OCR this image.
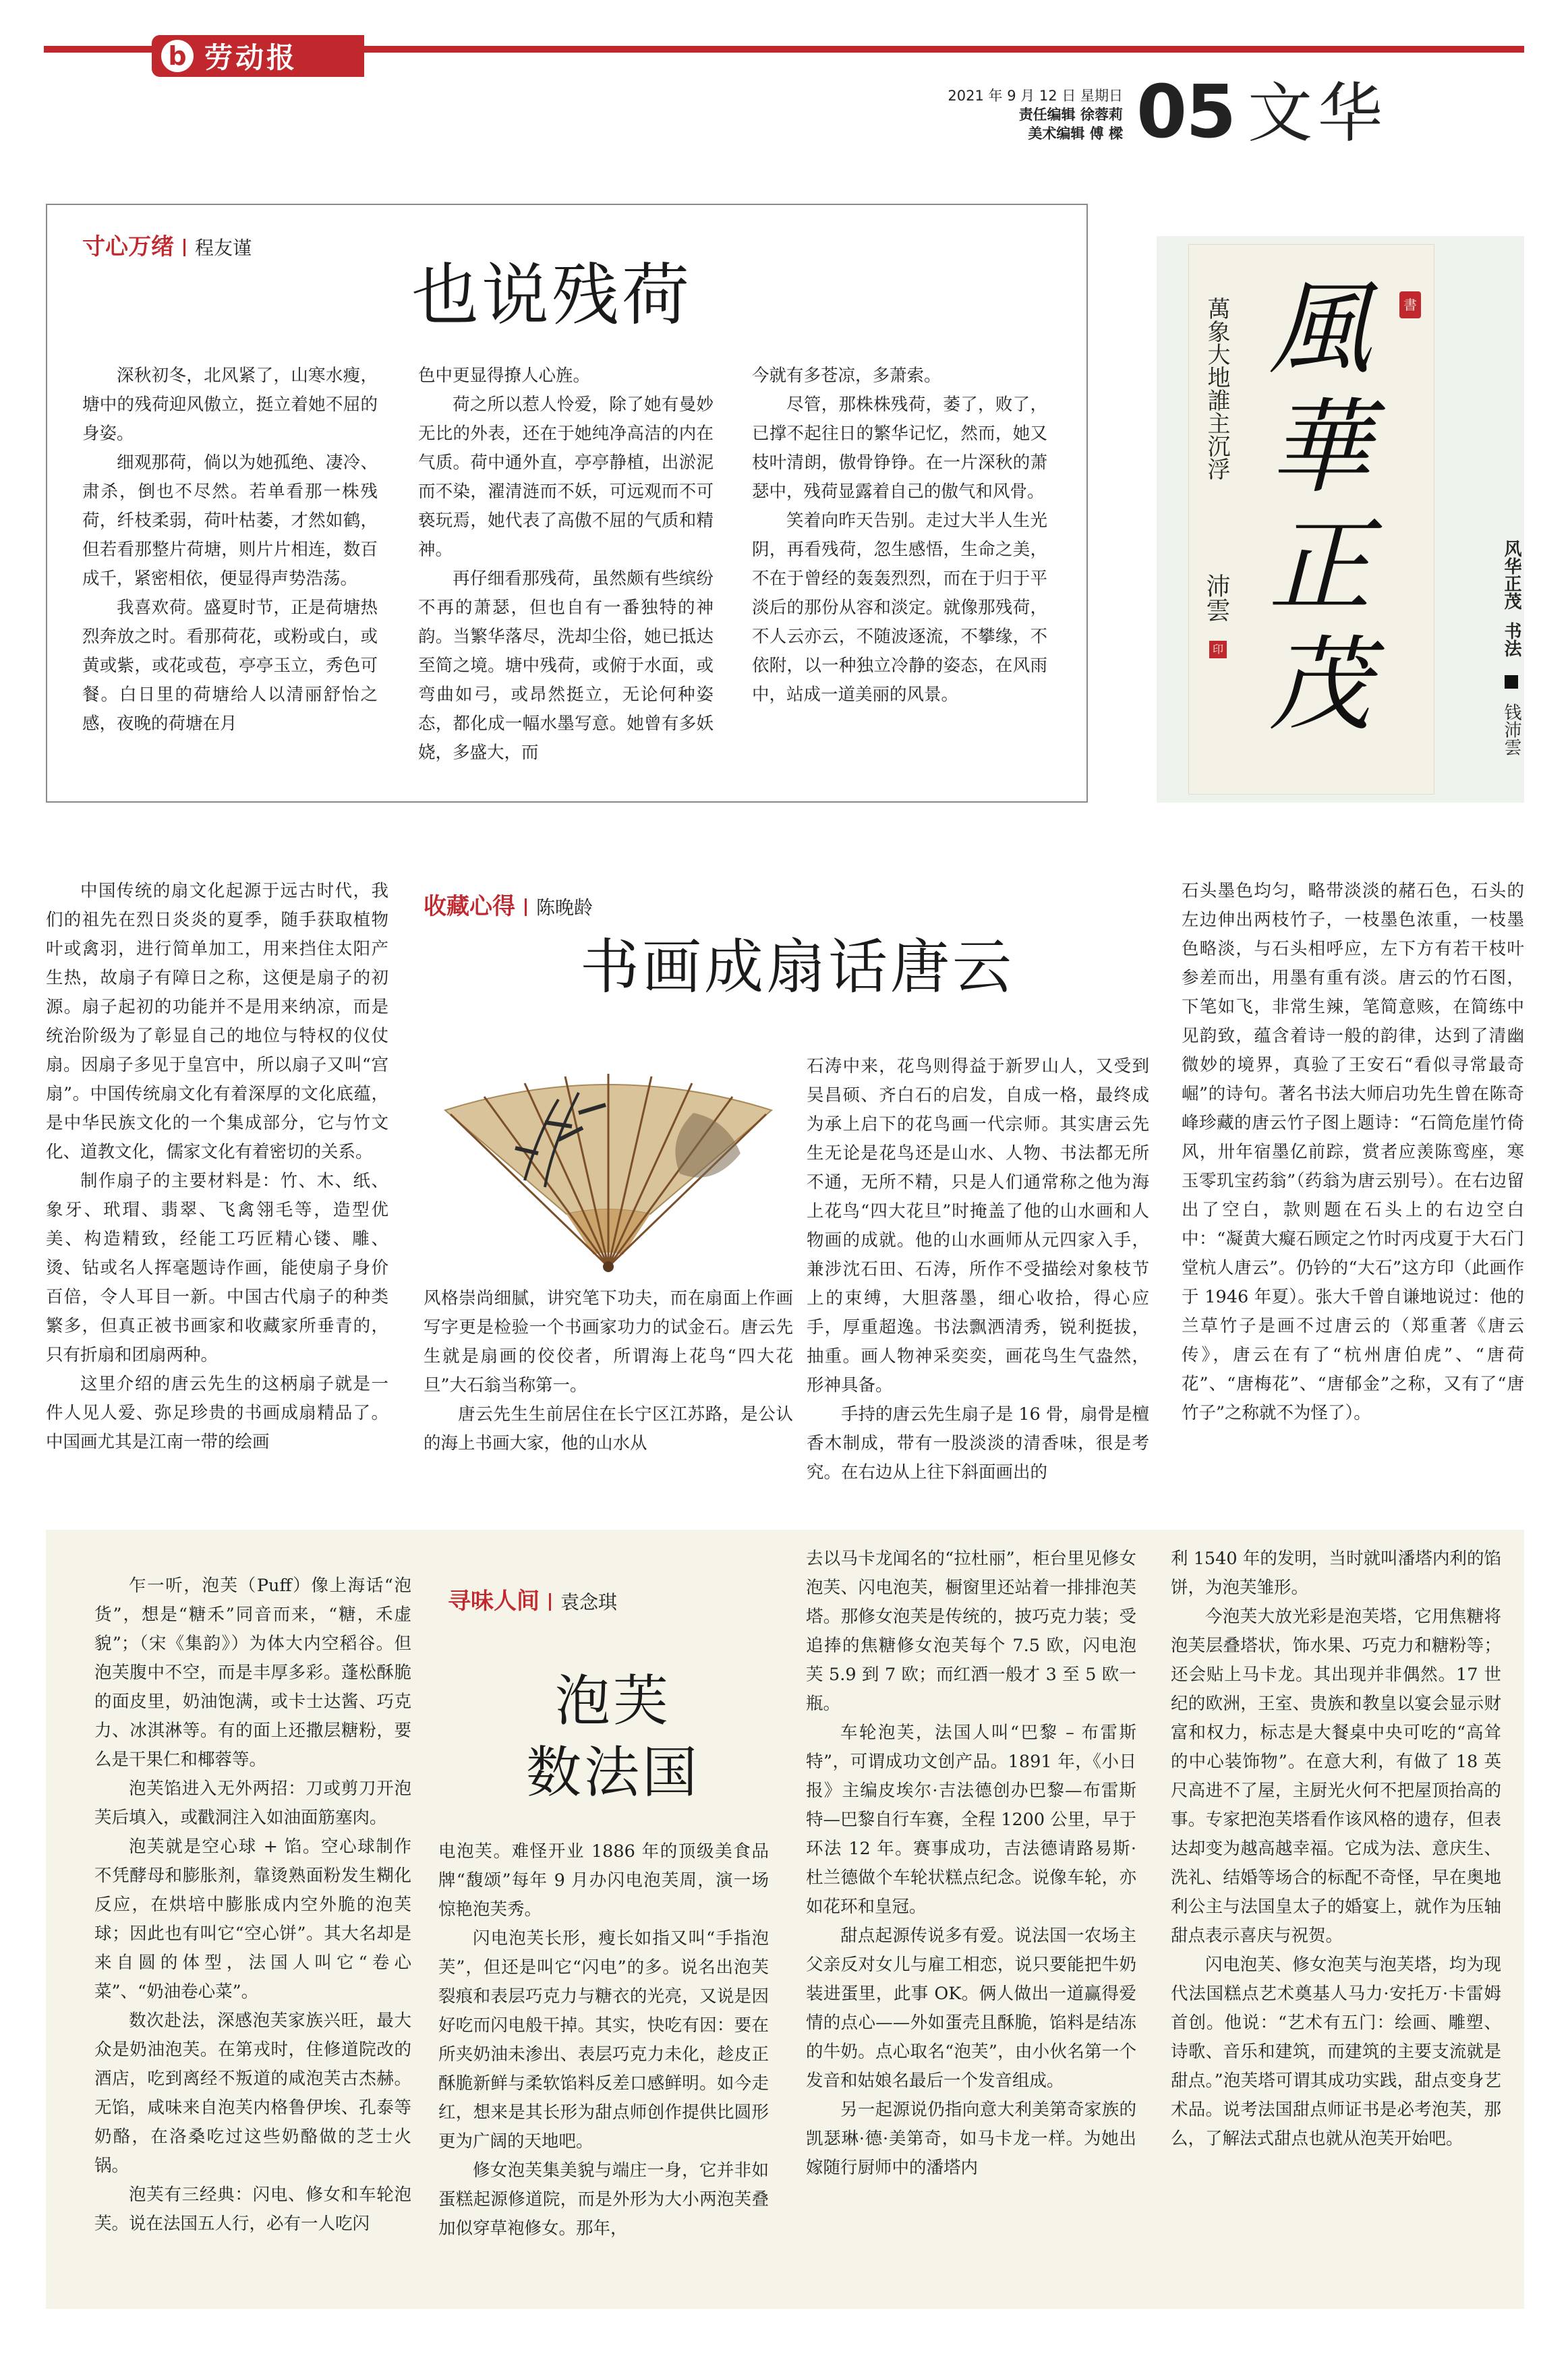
b 劳动报
2021 年 9 月 12 日 星期日
责任编辑 徐蓉莉
美术编辑 傅 樑 05 文华
寸心万绪 程友谨
也说残荷

深秋初冬，北风紧了，山寒水瘦，塘中的残荷迎风傲立，挺立着她不屈的身姿。

细观那荷，倘以为她孤绝、凄冷、肃杀，倒也不尽然。若单看那一株残荷，纤枝柔弱，荷叶枯萎，才然如鹤，但若看那整片荷塘，则片片相连，数百成千，紧密相依，便显得声势浩荡。

我喜欢荷。盛夏时节，正是荷塘热烈奔放之时。看那荷花，或粉或白，或黄或紫，或花或苞，亭亭玉立，秀色可餐。白日里的荷塘给人以清丽舒怡之感，夜晚的荷塘在月

色中更显得撩人心旌。

荷之所以惹人怜爱，除了她有曼妙无比的外表，还在于她纯净高洁的内在气质。荷中通外直，亭亭静植，出淤泥而不染，濯清涟而不妖，可远观而不可亵玩焉，她代表了高傲不屈的气质和精神。

再仔细看那残荷，虽然颇有些缤纷不再的萧瑟，但也自有一番独特的神韵。当繁华落尽，洗却尘俗，她已抵达至简之境。塘中残荷，或俯于水面，或弯曲如弓，或昂然挺立，无论何种姿态，都化成一幅水墨写意。她曾有多妖娆，多盛大，而

今就有多苍凉，多萧索。

尽管，那株株残荷，萎了，败了，已撑不起往日的繁华记忆，然而，她又枝叶清朗，傲骨铮铮。在一片深秋的萧瑟中，残荷显露着自己的傲气和风骨。

笑着向昨天告别。走过大半人生光阴，再看残荷，忽生感悟，生命之美，不在于曾经的轰轰烈烈，而在于归于平淡后的那份从容和淡定。就像那残荷，不人云亦云，不随波逐流，不攀缘，不依附，以一种独立冷静的姿态，在风雨中，站成一道美丽的风景。

風
華
正
茂
萬象大地誰主沉浮
沛雲
書
印
风华正茂 书法  钱沛雲
收藏心得 陈晚龄
书画成扇话唐云

中国传统的扇文化起源于远古时代，我们的祖先在烈日炎炎的夏季，随手获取植物叶或禽羽，进行简单加工，用来挡住太阳产生热，故扇子有障日之称，这便是扇子的初源。扇子起初的功能并不是用来纳凉，而是统治阶级为了彰显自己的地位与特权的仪仗扇。因扇子多见于皇宫中，所以扇子又叫“宫扇”。中国传统扇文化有着深厚的文化底蕴，是中华民族文化的一个集成部分，它与竹文化、道教文化，儒家文化有着密切的关系。

制作扇子的主要材料是：竹、木、纸、象牙、玳瑁、翡翠、飞禽翎毛等，造型优美、构造精致，经能工巧匠精心镂、雕、烫、钻或名人挥毫题诗作画，能使扇子身价百倍，令人耳目一新。中国古代扇子的种类繁多，但真正被书画家和收藏家所垂青的，只有折扇和团扇两种。

这里介绍的唐云先生的这柄扇子就是一件人见人爱、弥足珍贵的书画成扇精品了。中国画尤其是江南一带的绘画

风格崇尚细腻，讲究笔下功夫，而在扇面上作画写字更是检验一个书画家功力的试金石。唐云先生就是扇画的佼佼者，所谓海上花鸟“四大花旦”大石翁当称第一。

唐云先生生前居住在长宁区江苏路，是公认的海上书画大家，他的山水从

石涛中来，花鸟则得益于新罗山人，又受到吴昌硕、齐白石的启发，自成一格，最终成为承上启下的花鸟画一代宗师。其实唐云先生无论是花鸟还是山水、人物、书法都无所不通，无所不精，只是人们通常称之他为海上花鸟“四大花旦”时掩盖了他的山水画和人物画的成就。他的山水画师从元四家入手，兼涉沈石田、石涛，所作不受描绘对象枝节上的束缚，大胆落墨，细心收拾，得心应手，厚重超逸。书法飘洒清秀，锐利挺拔，抽重。画人物神采奕奕，画花鸟生气盎然，形神具备。

手持的唐云先生扇子是 16 骨，扇骨是檀香木制成，带有一股淡淡的清香味，很是考究。在右边从上往下斜面画出的

石头墨色均匀，略带淡淡的赭石色，石头的左边伸出两枝竹子，一枝墨色浓重，一枝墨色略淡，与石头相呼应，左下方有若干枝叶参差而出，用墨有重有淡。唐云的竹石图，下笔如飞，非常生辣，笔简意赅，在简练中见韵致，蕴含着诗一般的韵律，达到了清幽微妙的境界，真验了王安石“看似寻常最奇崛”的诗句。著名书法大师启功先生曾在陈奇峰珍藏的唐云竹子图上题诗：“石筒危崖竹倚风，卅年宿墨亿前踪，赏者应羡陈鸾座，寒玉零玑宝药翁”（药翁为唐云别号）。在右边留出了空白，款则题在石头上的右边空白中：“凝黄大癡石顾定之竹时丙戌夏于大石门堂杭人唐云”。仍钤的“大石”这方印（此画作于 1946 年夏）。张大千曾自谦地说过：他的兰草竹子是画不过唐云的（郑重著《唐云传》，唐云在有了“杭州唐伯虎”、“唐荷花”、“唐梅花”、“唐郁金”之称，又有了“唐竹子”之称就不为怪了）。

寻味人间 袁念琪
泡芙
数法国

乍一听，泡芙（Puff）像上海话“泡货”，想是“糖禾”同音而来，“糖，禾虚貌”；（宋《集韵》）为体大内空稻谷。但泡芙腹中不空，而是丰厚多彩。蓬松酥脆的面皮里，奶油饱满，或卡士达酱、巧克力、冰淇淋等。有的面上还撒层糖粉，要么是干果仁和椰蓉等。

泡芙馅进入无外两招：刀或剪刀开泡芙后填入，或戳洞注入如油面筋塞肉。

泡芙就是空心球 + 馅。空心球制作不凭酵母和膨胀剂，靠烫熟面粉发生糊化反应，在烘培中膨胀成内空外脆的泡芙球；因此也有叫它“空心饼”。其大名却是来自圆的体型，法国人叫它“卷心菜”、“奶油卷心菜”。

数次赴法，深感泡芙家族兴旺，最大众是奶油泡芙。在第戎时，住修道院改的酒店，吃到离经不叛道的咸泡芙古杰赫。无馅，咸味来自泡芙内格鲁伊埃、孔泰等奶酪，在洛桑吃过这些奶酪做的芝士火锅。

泡芙有三经典：闪电、修女和车轮泡芙。说在法国五人行，必有一人吃闪

电泡芙。难怪开业 1886 年的顶级美食品牌“馥颂”每年 9 月办闪电泡芙周，演一场惊艳泡芙秀。

闪电泡芙长形，瘦长如指又叫“手指泡芙”，但还是叫它“闪电”的多。说名出泡芙裂痕和表层巧克力与糖衣的光亮，又说是因好吃而闪电般干掉。其实，快吃有因：要在所夹奶油未渗出、表层巧克力未化，趁皮正酥脆新鲜与柔软馅料反差口感鲜明。如今走红，想来是其长形为甜点师创作提供比圆形更为广阔的天地吧。

修女泡芙集美貌与端庄一身，它并非如蛋糕起源修道院，而是外形为大小两泡芙叠加似穿草袍修女。那年，

去以马卡龙闻名的“拉杜丽”，柜台里见修女泡芙、闪电泡芙，橱窗里还站着一排排泡芙塔。那修女泡芙是传统的，披巧克力装；受追捧的焦糖修女泡芙每个 7.5 欧，闪电泡芙 5.9 到 7 欧；而红酒一般才 3 至 5 欧一瓶。

车轮泡芙，法国人叫“巴黎 – 布雷斯特”，可谓成功文创产品。1891 年，《小日报》主编皮埃尔·吉法德创办巴黎—布雷斯特—巴黎自行车赛，全程 1200 公里，早于环法 12 年。赛事成功，吉法德请路易斯·杜兰德做个车轮状糕点纪念。说像车轮，亦如花环和皇冠。

甜点起源传说多有爱。说法国一农场主父亲反对女儿与雇工相恋，说只要能把牛奶装进蛋里，此事 OK。俩人做出一道赢得爱情的点心——外如蛋壳且酥脆，馅料是结冻的牛奶。点心取名“泡芙”，由小伙名第一个发音和姑娘名最后一个发音组成。

另一起源说仍指向意大利美第奇家族的凯瑟琳·德·美第奇，如马卡龙一样。为她出嫁随行厨师中的潘塔内

利 1540 年的发明，当时就叫潘塔内利的馅饼，为泡芙雏形。

今泡芙大放光彩是泡芙塔，它用焦糖将泡芙层叠塔状，饰水果、巧克力和糖粉等；还会贴上马卡龙。其出现并非偶然。17 世纪的欧洲，王室、贵族和教皇以宴会显示财富和权力，标志是大餐桌中央可吃的“高耸的中心装饰物”。在意大利，有做了 18 英尺高进不了屋，主厨光火何不把屋顶抬高的事。专家把泡芙塔看作该风格的遗存，但表达却变为越高越幸福。它成为法、意庆生、洗礼、结婚等场合的标配不奇怪，早在奥地利公主与法国皇太子的婚宴上，就作为压轴甜点表示喜庆与祝贺。

闪电泡芙、修女泡芙与泡芙塔，均为现代法国糕点艺术奠基人马力·安托万·卡雷姆首创。他说：“艺术有五门：绘画、雕塑、诗歌、音乐和建筑，而建筑的主要支流就是甜点。”泡芙塔可谓其成功实践，甜点变身艺术品。说考法国甜点师证书是必考泡芙，那么，了解法式甜点也就从泡芙开始吧。
